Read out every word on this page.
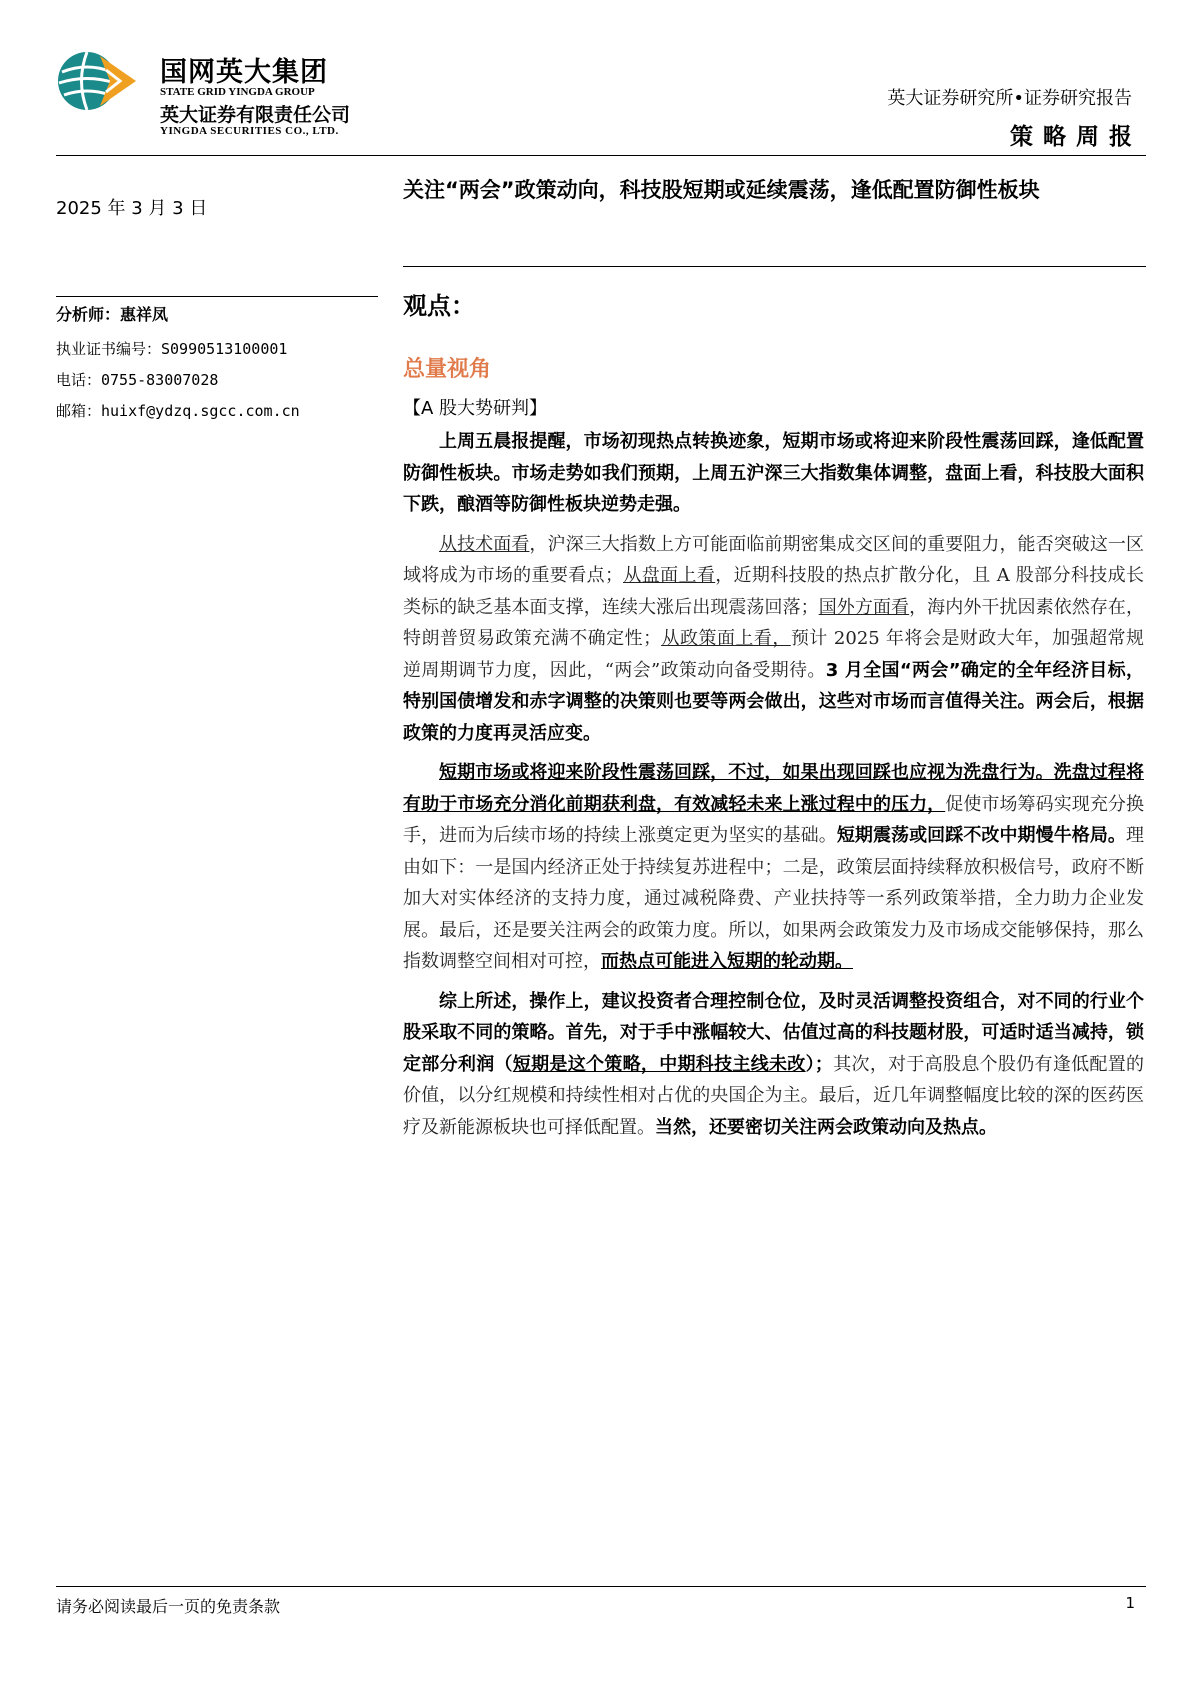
国网英大集团
STATE GRID YINGDA GROUP
英大证券有限责任公司
YINGDA SECURITIES CO., LTD.
英大证券研究所•证券研究报告
策略周报
2025 年 3 月 3 日
分析师：惠祥凤
执业证书编号：S0990513100001
电话：0755-83007028
邮箱：huixf@ydzq.sgcc.com.cn
关注“两会”政策动向，科技股短期或延续震荡，逢低配置防御性板块
观点：
总量视角
【A 股大势研判】

上周五晨报提醒，市场初现热点转换迹象，短期市场或将迎来阶段性震荡回踩，逢低配置防御性板块。市场走势如我们预期，上周五沪深三大指数集体调整，盘面上看，科技股大面积下跌，酿酒等防御性板块逆势走强。

从技术面看，沪深三大指数上方可能面临前期密集成交区间的重要阻力，能否突破这一区域将成为市场的重要看点；从盘面上看，近期科技股的热点扩散分化，且 A 股部分科技成长类标的缺乏基本面支撑，连续大涨后出现震荡回落；国外方面看，海内外干扰因素依然存在，特朗普贸易政策充满不确定性；从政策面上看，预计 2025 年将会是财政大年，加强超常规逆周期调节力度，因此，“两会”政策动向备受期待。3 月全国“两会”确定的全年经济目标，特别国债增发和赤字调整的决策则也要等两会做出，这些对市场而言值得关注。两会后，根据政策的力度再灵活应变。

短期市场或将迎来阶段性震荡回踩，不过，如果出现回踩也应视为洗盘行为。洗盘过程将有助于市场充分消化前期获利盘，有效减轻未来上涨过程中的压力，促使市场筹码实现充分换手，进而为后续市场的持续上涨奠定更为坚实的基础。短期震荡或回踩不改中期慢牛格局。理由如下：一是国内经济正处于持续复苏进程中；二是，政策层面持续释放积极信号，政府不断加大对实体经济的支持力度，通过减税降费、产业扶持等一系列政策举措，全力助力企业发展。最后，还是要关注两会的政策力度。所以，如果两会政策发力及市场成交能够保持，那么指数调整空间相对可控，而热点可能进入短期的轮动期。

综上所述，操作上，建议投资者合理控制仓位，及时灵活调整投资组合，对不同的行业个股采取不同的策略。首先，对于手中涨幅较大、估值过高的科技题材股，可适时适当减持，锁定部分利润（短期是这个策略，中期科技主线未改）；其次，对于高股息个股仍有逢低配置的价值，以分红规模和持续性相对占优的央国企为主。最后，近几年调整幅度比较的深的医药医疗及新能源板块也可择低配置。当然，还要密切关注两会政策动向及热点。

请务必阅读最后一页的免责条款	1
